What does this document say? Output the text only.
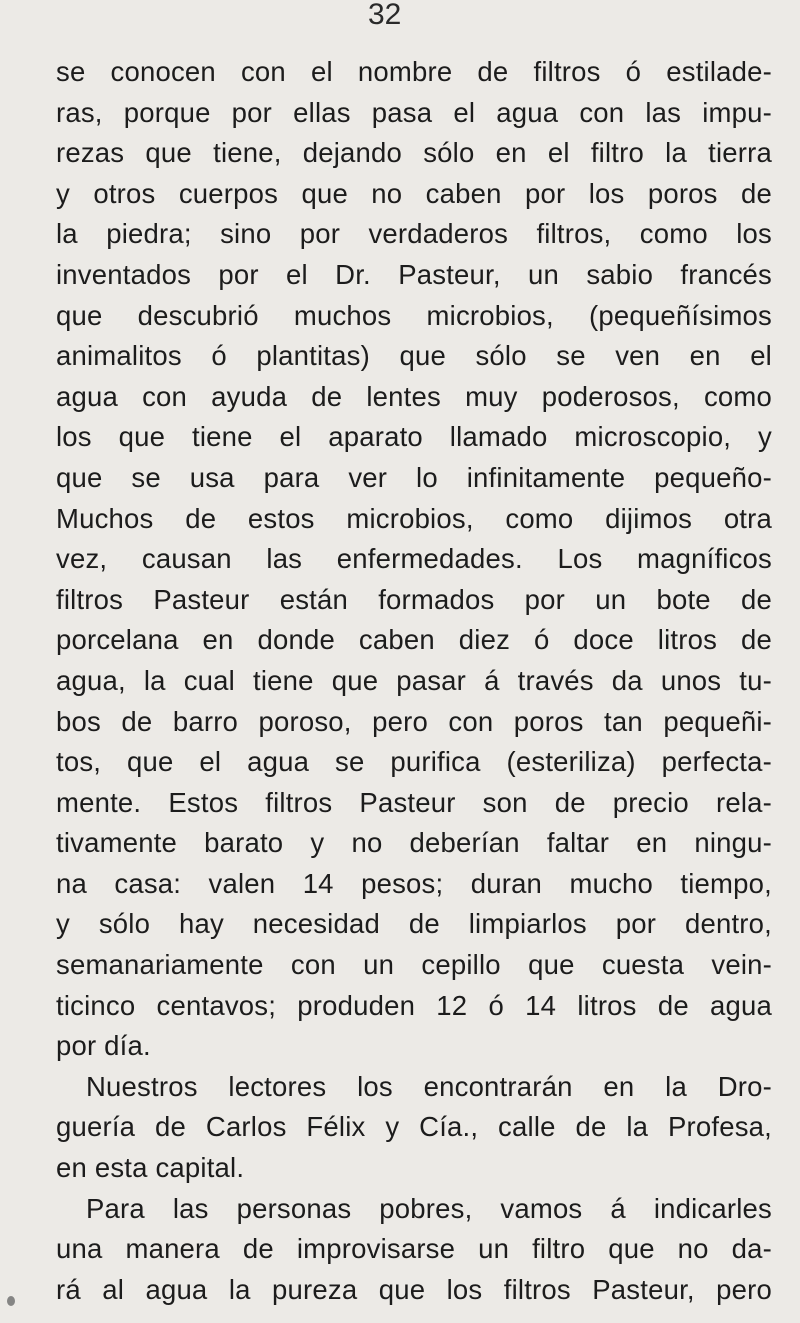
32
se conocen con el nombre de filtros ó estilade-
ras, porque por ellas pasa el agua con las impu-
rezas que tiene, dejando sólo en el filtro la tierra
y otros cuerpos que no caben por los poros de
la piedra; sino por verdaderos filtros, como los
inventados por el Dr. Pasteur, un sabio francés
que descubrió muchos microbios, (pequeñísimos
animalitos ó plantitas) que sólo se ven en el
agua con ayuda de lentes muy poderosos, como
los que tiene el aparato llamado microscopio, y
que se usa para ver lo infinitamente pequeño-
Muchos de estos microbios, como dijimos otra
vez, causan las enfermedades. Los magníficos
filtros Pasteur están formados por un bote de
porcelana en donde caben diez ó doce litros de
agua, la cual tiene que pasar á través da unos tu-
bos de barro poroso, pero con poros tan pequeñi-
tos, que el agua se purifica (esteriliza) perfecta-
mente. Estos filtros Pasteur son de precio rela-
tivamente barato y no deberían faltar en ningu-
na casa: valen 14 pesos; duran mucho tiempo,
y sólo hay necesidad de limpiarlos por dentro,
semanariamente con un cepillo que cuesta vein-
ticinco centavos; produden 12 ó 14 litros de agua
por día.
Nuestros lectores los encontrarán en la Dro-
guería de Carlos Félix y Cía., calle de la Profesa,
en esta capital.
Para las personas pobres, vamos á indicarles
una manera de improvisarse un filtro que no da-
rá al agua la pureza que los filtros Pasteur, pero
